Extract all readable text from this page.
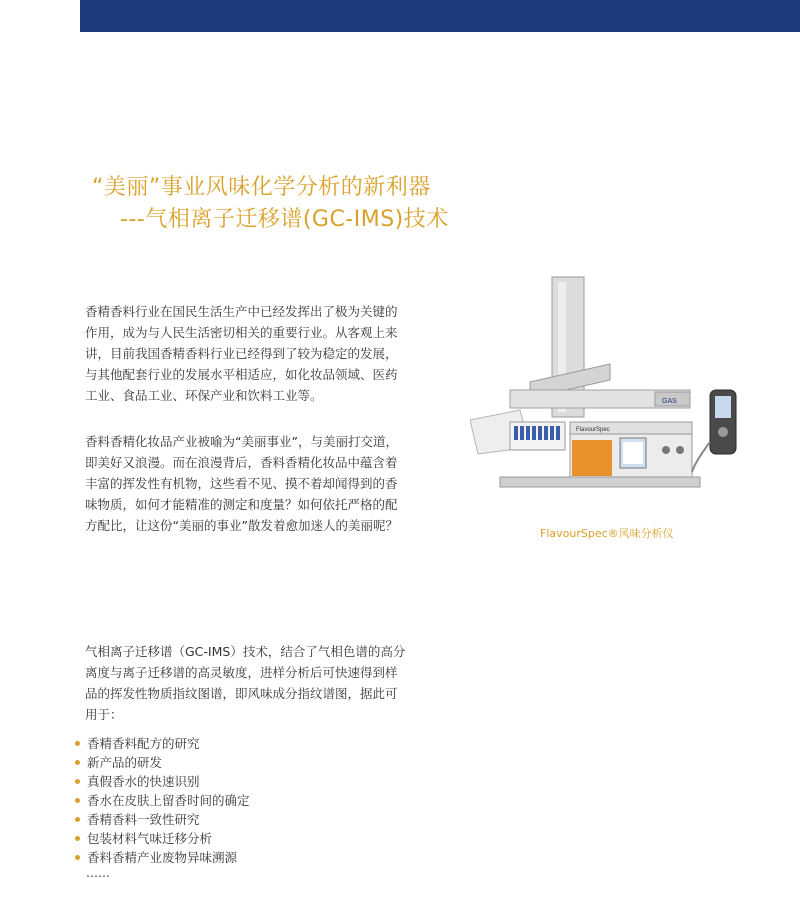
“美丽”事业风味化学分析的新利器
---气相离子迁移谱(GC-IMS)技术
香精香料行业在国民生活生产中已经发挥出了极为关键的作用，成为与人民生活密切相关的重要行业。从客观上来讲，目前我国香精香料行业已经得到了较为稳定的发展，与其他配套行业的发展水平相适应，如化妆品领域、医药工业、食品工业、环保产业和饮料工业等。
香料香精化妆品产业被喻为“美丽事业”，与美丽打交道，即美好又浪漫。而在浪漫背后，香料香精化妆品中蕴含着丰富的挥发性有机物，这些看不见、摸不着却闻得到的香味物质，如何才能精准的测定和度量？如何依托严格的配方配比，让这份“美丽的事业”散发着愈加迷人的美丽呢？
气相离子迁移谱（GC-IMS）技术，结合了气相色谱的高分离度与离子迁移谱的高灵敏度，进样分析后可快速得到样品的挥发性物质指纹图谱，即风味成分指纹谱图，据此可用于：
香精香料配方的研究
新产品的研发
真假香水的快速识别
香水在皮肤上留香时间的确定
香精香料一致性研究
包装材料气味迁移分析
香料香精产业废物异味溯源
……
GAS
FlavourSpec
FlavourSpec®风味分析仪
